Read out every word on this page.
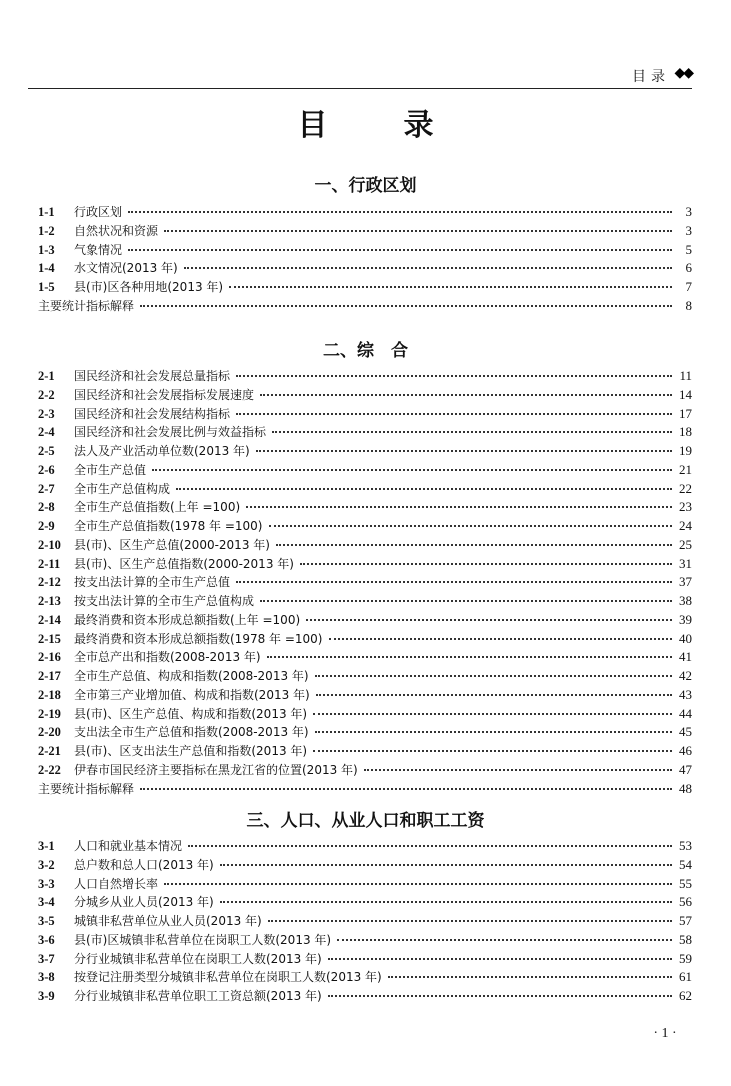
目录 ◆◆
目录
一、行政区划
1-1	行政区划	3
1-2	自然状况和资源	3
1-3	气象情况	5
1-4	水文情况(2013 年)	6
1-5	县(市)区各种用地(2013 年)	7
主要统计指标解释	8
二、综　合
2-1	国民经济和社会发展总量指标	11
2-2	国民经济和社会发展指标发展速度	14
2-3	国民经济和社会发展结构指标	17
2-4	国民经济和社会发展比例与效益指标	18
2-5	法人及产业活动单位数(2013 年)	19
2-6	全市生产总值	21
2-7	全市生产总值构成	22
2-8	全市生产总值指数(上年 =100)	23
2-9	全市生产总值指数(1978 年 =100)	24
2-10	县(市)、区生产总值(2000-2013 年)	25
2-11	县(市)、区生产总值指数(2000-2013 年)	31
2-12	按支出法计算的全市生产总值	37
2-13	按支出法计算的全市生产总值构成	38
2-14	最终消费和资本形成总额指数(上年 =100)	39
2-15	最终消费和资本形成总额指数(1978 年 =100)	40
2-16	全市总产出和指数(2008-2013 年)	41
2-17	全市生产总值、构成和指数(2008-2013 年)	42
2-18	全市第三产业增加值、构成和指数(2013 年)	43
2-19	县(市)、区生产总值、构成和指数(2013 年)	44
2-20	支出法全市生产总值和指数(2008-2013 年)	45
2-21	县(市)、区支出法生产总值和指数(2013 年)	46
2-22	伊春市国民经济主要指标在黑龙江省的位置(2013 年)	47
主要统计指标解释	48
三、人口、从业人口和职工工资
3-1	人口和就业基本情况	53
3-2	总户数和总人口(2013 年)	54
3-3	人口自然增长率	55
3-4	分城乡从业人员(2013 年)	56
3-5	城镇非私营单位从业人员(2013 年)	57
3-6	县(市)区城镇非私营单位在岗职工人数(2013 年)	58
3-7	分行业城镇非私营单位在岗职工人数(2013 年)	59
3-8	按登记注册类型分城镇非私营单位在岗职工人数(2013 年)	61
3-9	分行业城镇非私营单位职工工资总额(2013 年)	62
· 1 ·
